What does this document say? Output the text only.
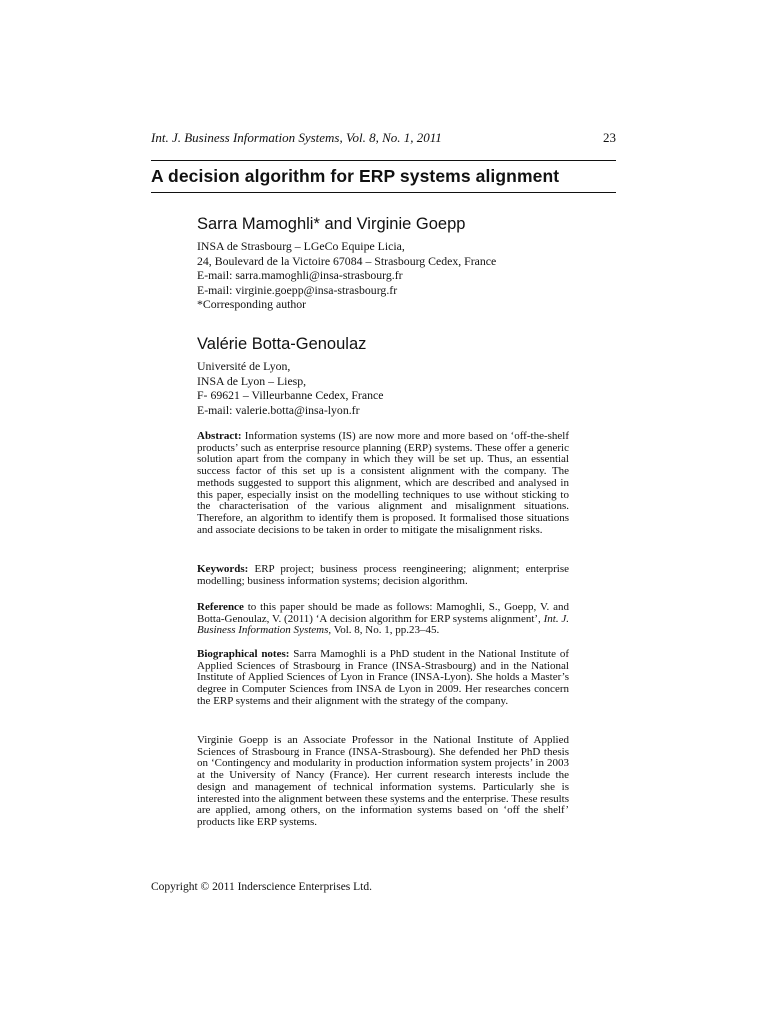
Int. J. Business Information Systems, Vol. 8, No. 1, 2011	23
A decision algorithm for ERP systems alignment
Sarra Mamoghli* and Virginie Goepp
INSA de Strasbourg – LGeCo Equipe Licia,
24, Boulevard de la Victoire 67084 – Strasbourg Cedex, France
E-mail: sarra.mamoghli@insa-strasbourg.fr
E-mail: virginie.goepp@insa-strasbourg.fr
*Corresponding author
Valérie Botta-Genoulaz
Université de Lyon,
INSA de Lyon – Liesp,
F- 69621 – Villeurbanne Cedex, France
E-mail: valerie.botta@insa-lyon.fr

Abstract: Information systems (IS) are now more and more based on ‘off-the-shelf products’ such as enterprise resource planning (ERP) systems. These offer a generic solution apart from the company in which they will be set up. Thus, an essential success factor of this set up is a consistent alignment with the company. The methods suggested to support this alignment, which are described and analysed in this paper, especially insist on the modelling techniques to use without sticking to the characterisation of the various alignment and misalignment situations. Therefore, an algorithm to identify them is proposed. It formalised those situations and associate decisions to be taken in order to mitigate the misalignment risks.

Keywords: ERP project; business process reengineering; alignment; enterprise modelling; business information systems; decision algorithm.

Reference to this paper should be made as follows: Mamoghli, S., Goepp, V. and Botta-Genoulaz, V. (2011) ‘A decision algorithm for ERP systems alignment’, Int. J. Business Information Systems, Vol. 8, No. 1, pp.23–45.

Biographical notes: Sarra Mamoghli is a PhD student in the National Institute of Applied Sciences of Strasbourg in France (INSA-Strasbourg) and in the National Institute of Applied Sciences of Lyon in France (INSA-Lyon). She holds a Master’s degree in Computer Sciences from INSA de Lyon in 2009. Her researches concern the ERP systems and their alignment with the strategy of the company.

Virginie Goepp is an Associate Professor in the National Institute of Applied Sciences of Strasbourg in France (INSA-Strasbourg). She defended her PhD thesis on ‘Contingency and modularity in production information system projects’ in 2003 at the University of Nancy (France). Her current research interests include the design and management of technical information systems. Particularly she is interested into the alignment between these systems and the enterprise. These results are applied, among others, on the information systems based on ‘off the shelf’ products like ERP systems.

Copyright © 2011 Inderscience Enterprises Ltd.
